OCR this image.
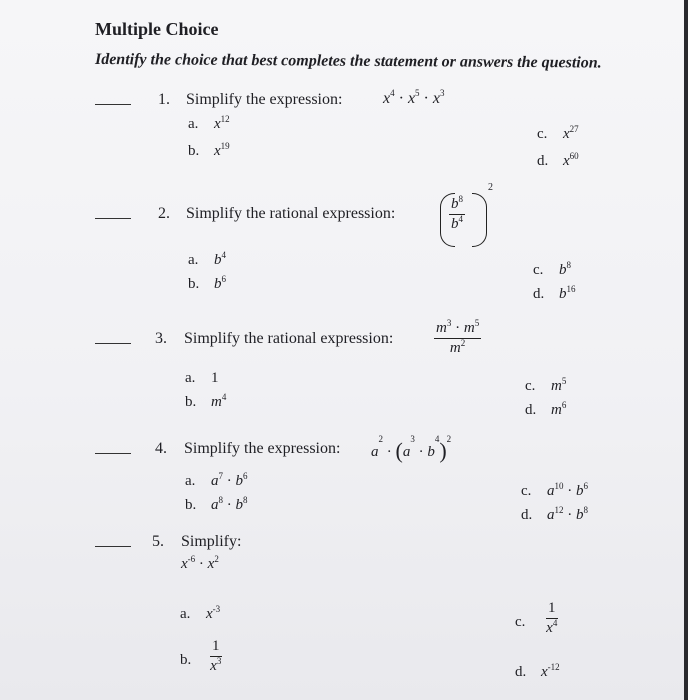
Multiple Choice
Identify the choice that best completes the statement or answers the question.
1. Simplify the expression:	$x^4 \cdot x^5 \cdot x^3$
a. $x^{12}$
b. $x^{19}$
c. $x^{27}$
d. $x^{60}$
2. Simplify the rational expression:	$\frac{b^8}{b^4}$
2
a. $b^4$
b. $b^6$
c. $b^8$
d. $b^{16}$
3. Simplify the rational expression:	$\frac{m^3 \cdot m^5}{m^2}$
a. 1
b. $m^4$
c. $m^5$
d. $m^6$
4. Simplify the expression: $a^2 \cdot (a^3 \cdot b^4)^2$
a. $a^7 \cdot b^6$
b. $a^8 \cdot b^8$
c. $a^{10} \cdot b^6$
d. $a^{12} \cdot b^8$
5. Simplify:
$x^{-6} \cdot x^2$
a. $x^{-3}$
b.	$\frac{1}{x^3}$
c.	$\frac{1}{x^4}$
d. $x^{-12}$
